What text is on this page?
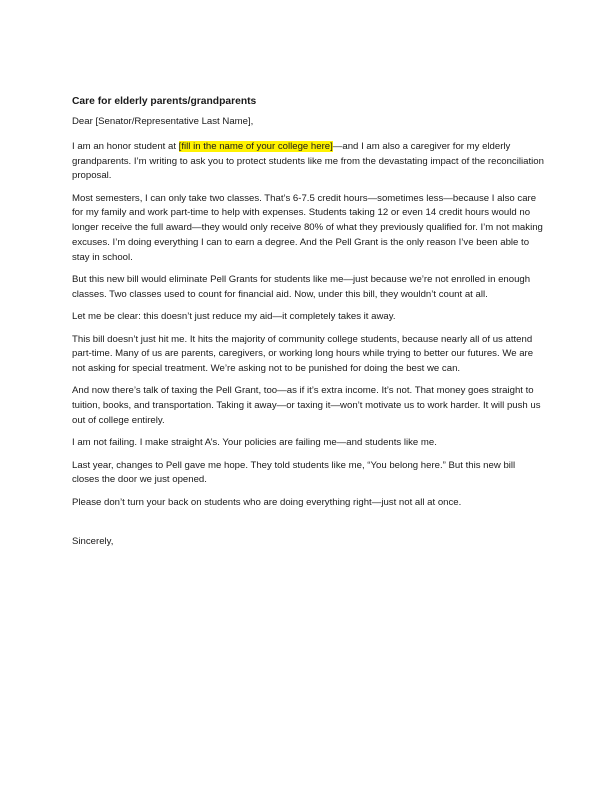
Care for elderly parents/grandparents
Dear [Senator/Representative Last Name],
I am an honor student at [fill in the name of your college here]—and I am also a caregiver for my elderly grandparents. I’m writing to ask you to protect students like me from the devastating impact of the reconciliation proposal.
Most semesters, I can only take two classes. That’s 6-7.5 credit hours—sometimes less—because I also care for my family and work part-time to help with expenses. Students taking 12 or even 14 credit hours would no longer receive the full award—they would only receive 80% of what they previously qualified for. I’m not making excuses. I’m doing everything I can to earn a degree. And the Pell Grant is the only reason I’ve been able to stay in school.
But this new bill would eliminate Pell Grants for students like me—just because we’re not enrolled in enough classes. Two classes used to count for financial aid. Now, under this bill, they wouldn’t count at all.
Let me be clear: this doesn’t just reduce my aid—it completely takes it away.
This bill doesn’t just hit me. It hits the majority of community college students, because nearly all of us attend part-time. Many of us are parents, caregivers, or working long hours while trying to better our futures. We are not asking for special treatment. We’re asking not to be punished for doing the best we can.
And now there’s talk of taxing the Pell Grant, too—as if it’s extra income. It’s not. That money goes straight to tuition, books, and transportation. Taking it away—or taxing it—won’t motivate us to work harder. It will push us out of college entirely.
I am not failing. I make straight A’s. Your policies are failing me—and students like me.
Last year, changes to Pell gave me hope. They told students like me, “You belong here.” But this new bill closes the door we just opened.
Please don’t turn your back on students who are doing everything right—just not all at once.
Sincerely,
